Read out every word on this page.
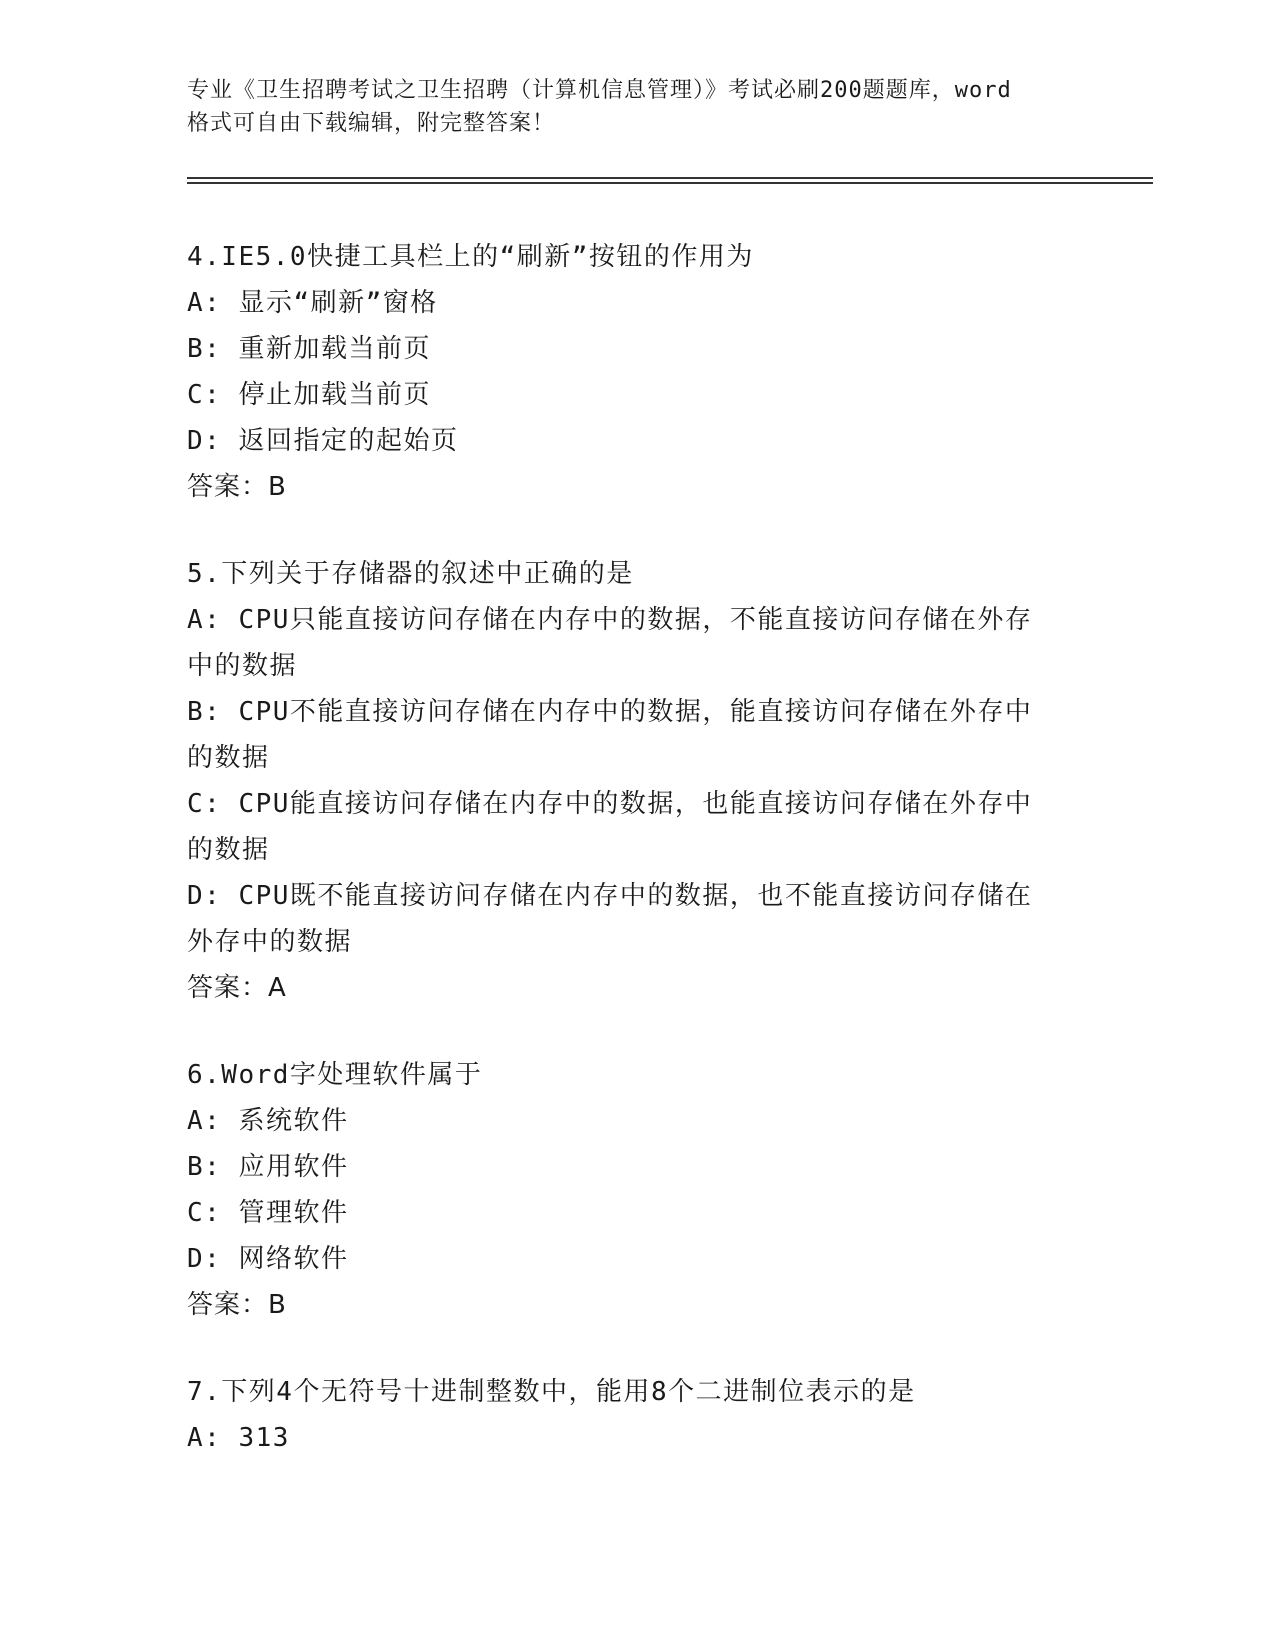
专业《卫生招聘考试之卫生招聘（计算机信息管理）》考试必刷200题题库，word
格式可自由下载编辑，附完整答案！
4.IE5.0快捷工具栏上的“刷新”按钮的作用为
A: 显示“刷新”窗格
B: 重新加载当前页
C: 停止加载当前页
D: 返回指定的起始页
答案：B
5.下列关于存储器的叙述中正确的是
A: CPU只能直接访问存储在内存中的数据，不能直接访问存储在外存
中的数据
B: CPU不能直接访问存储在内存中的数据，能直接访问存储在外存中
的数据
C: CPU能直接访问存储在内存中的数据，也能直接访问存储在外存中
的数据
D: CPU既不能直接访问存储在内存中的数据，也不能直接访问存储在
外存中的数据
答案：A
6.Word字处理软件属于
A: 系统软件
B: 应用软件
C: 管理软件
D: 网络软件
答案：B
7.下列4个无符号十进制整数中，能用8个二进制位表示的是
A: 313
